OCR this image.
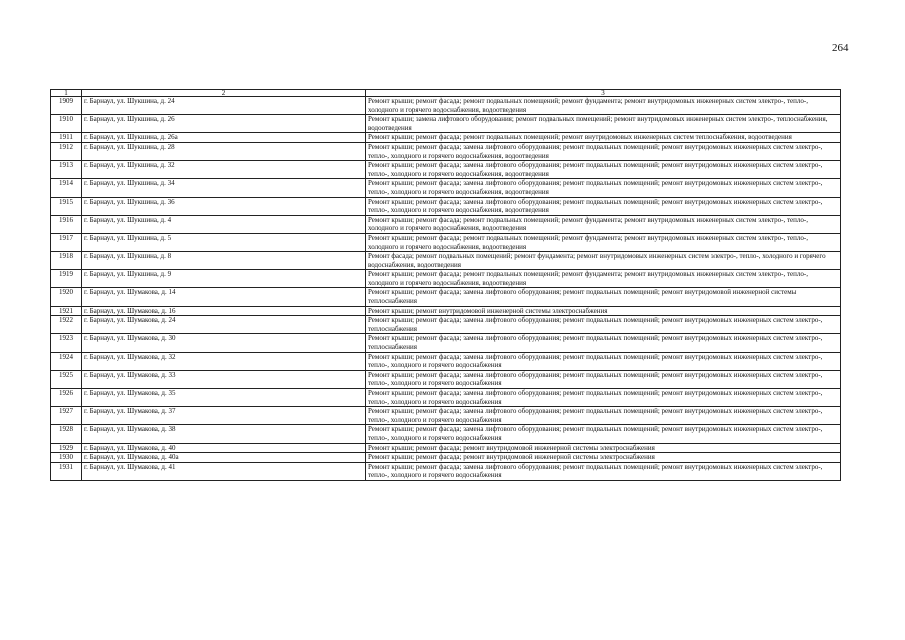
264
1	2	3
1909	г. Барнаул, ул. Шукшина, д. 24	Ремонт крыши; ремонт фасада; ремонт подвальных помещений; ремонт фундамента; ремонт внутридомовых инженерных систем электро-, тепло-, холодного и горячего водоснабжения, водоотведения
1910	г. Барнаул, ул. Шукшина, д. 26	Ремонт крыши; замена лифтового оборудования; ремонт подвальных помещений; ремонт внутридомовых инженерных систем электро-, теплоснабжения, водоотведения
1911	г. Барнаул, ул. Шукшина, д. 26а	Ремонт крыши; ремонт фасада; ремонт подвальных помещений; ремонт внутридомовых инженерных систем теплоснабжения, водоотведения
1912	г. Барнаул, ул. Шукшина, д. 28	Ремонт крыши; ремонт фасада; замена лифтового оборудования; ремонт подвальных помещений; ремонт внутридомовых инженерных систем электро-, тепло-, холодного и горячего водоснабжения, водоотведения
1913	г. Барнаул, ул. Шукшина, д. 32	Ремонт крыши; ремонт фасада; замена лифтового оборудования; ремонт подвальных помещений; ремонт внутридомовых инженерных систем электро-, тепло-, холодного и горячего водоснабжения, водоотведения
1914	г. Барнаул, ул. Шукшина, д. 34	Ремонт крыши; ремонт фасада; замена лифтового оборудования; ремонт подвальных помещений; ремонт внутридомовых инженерных систем электро-, тепло-, холодного и горячего водоснабжения, водоотведения
1915	г. Барнаул, ул. Шукшина, д. 36	Ремонт крыши; ремонт фасада; замена лифтового оборудования; ремонт подвальных помещений; ремонт внутридомовых инженерных систем электро-, тепло-, холодного и горячего водоснабжения, водоотведения
1916	г. Барнаул, ул. Шукшина, д. 4	Ремонт крыши; ремонт фасада; ремонт подвальных помещений; ремонт фундамента; ремонт внутридомовых инженерных систем электро-, тепло-, холодного и горячего водоснабжения, водоотведения
1917	г. Барнаул, ул. Шукшина, д. 5	Ремонт крыши; ремонт фасада; ремонт подвальных помещений; ремонт фундамента; ремонт внутридомовых инженерных систем электро-, тепло-, холодного и горячего водоснабжения, водоотведения
1918	г. Барнаул, ул. Шукшина, д. 8	Ремонт фасада; ремонт подвальных помещений; ремонт фундамента; ремонт внутридомовых инженерных систем электро-, тепло-, холодного и горячего водоснабжения, водоотведения
1919	г. Барнаул, ул. Шукшина, д. 9	Ремонт крыши; ремонт фасада; ремонт подвальных помещений; ремонт фундамента; ремонт внутридомовых инженерных систем электро-, тепло-, холодного и горячего водоснабжения, водоотведения
1920	г. Барнаул, ул. Шумакова, д. 14	Ремонт крыши; ремонт фасада; замена лифтового оборудования; ремонт подвальных помещений; ремонт внутридомовой инженерной системы теплоснабжения
1921	г. Барнаул, ул. Шумакова, д. 16	Ремонт крыши; ремонт внутридомовой инженерной системы электроснабжения
1922	г. Барнаул, ул. Шумакова, д. 24	Ремонт крыши; ремонт фасада; замена лифтового оборудования; ремонт подвальных помещений; ремонт внутридомовых инженерных систем электро-, теплоснабжения
1923	г. Барнаул, ул. Шумакова, д. 30	Ремонт крыши; ремонт фасада; замена лифтового оборудования; ремонт подвальных помещений; ремонт внутридомовых инженерных систем электро-, теплоснабжения
1924	г. Барнаул, ул. Шумакова, д. 32	Ремонт крыши; ремонт фасада; замена лифтового оборудования; ремонт подвальных помещений; ремонт внутридомовых инженерных систем электро-, тепло-, холодного и горячего водоснабжения
1925	г. Барнаул, ул. Шумакова, д. 33	Ремонт крыши; ремонт фасада; замена лифтового оборудования; ремонт подвальных помещений; ремонт внутридомовых инженерных систем электро-, тепло-, холодного и горячего водоснабжения
1926	г. Барнаул, ул. Шумакова, д. 35	Ремонт крыши; ремонт фасада; замена лифтового оборудования; ремонт подвальных помещений; ремонт внутридомовых инженерных систем электро-, тепло-, холодного и горячего водоснабжения
1927	г. Барнаул, ул. Шумакова, д. 37	Ремонт крыши; ремонт фасада; замена лифтового оборудования; ремонт подвальных помещений; ремонт внутридомовых инженерных систем электро-, тепло-, холодного и горячего водоснабжения
1928	г. Барнаул, ул. Шумакова, д. 38	Ремонт крыши; ремонт фасада; замена лифтового оборудования; ремонт подвальных помещений; ремонт внутридомовых инженерных систем электро-, тепло-, холодного и горячего водоснабжения
1929	г. Барнаул, ул. Шумакова, д. 40	Ремонт крыши; ремонт фасада; ремонт внутридомовой инженерной системы электроснабжения
1930	г. Барнаул, ул. Шумакова, д. 40а	Ремонт крыши; ремонт фасада; ремонт внутридомовой инженерной системы электроснабжения
1931	г. Барнаул, ул. Шумакова, д. 41	Ремонт крыши; ремонт фасада; замена лифтового оборудования; ремонт подвальных помещений; ремонт внутридомовых инженерных систем электро-, тепло-, холодного и горячего водоснабжения
